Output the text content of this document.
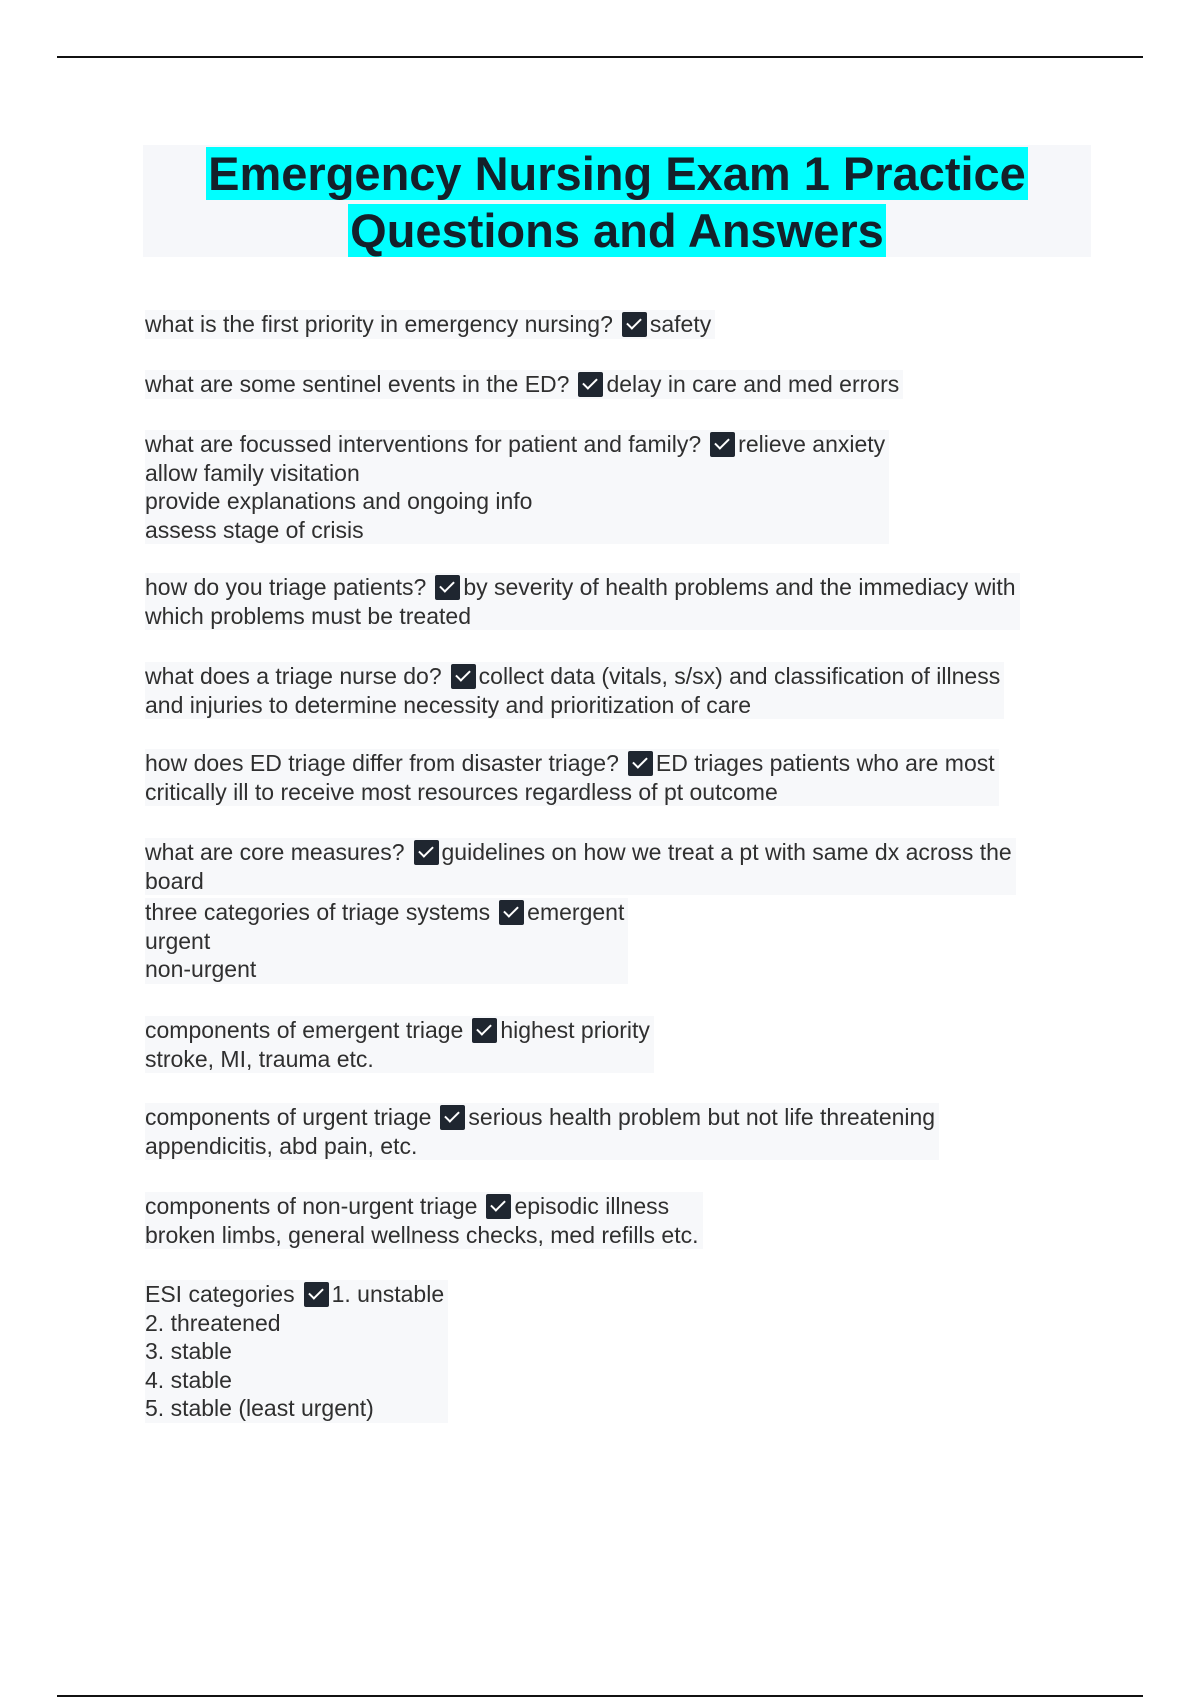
Emergency Nursing Exam 1 Practice
Questions and Answers
what is the first priority in emergency nursing? safety
what are some sentinel events in the ED? delay in care and med errors
what are focussed interventions for patient and family? relieve anxiety
allow family visitation
provide explanations and ongoing info
assess stage of crisis
how do you triage patients? by severity of health problems and the immediacy with
which problems must be treated
what does a triage nurse do? collect data (vitals, s/sx) and classification of illness
and injuries to determine necessity and prioritization of care
how does ED triage differ from disaster triage? ED triages patients who are most
critically ill to receive most resources regardless of pt outcome
what are core measures? guidelines on how we treat a pt with same dx across the
board
three categories of triage systems emergent
urgent
non-urgent
components of emergent triage highest priority
stroke, MI, trauma etc.
components of urgent triage serious health problem but not life threatening
appendicitis, abd pain, etc.
components of non-urgent triage episodic illness
broken limbs, general wellness checks, med refills etc.
ESI categories 1. unstable
2. threatened
3. stable
4. stable
5. stable (least urgent)
